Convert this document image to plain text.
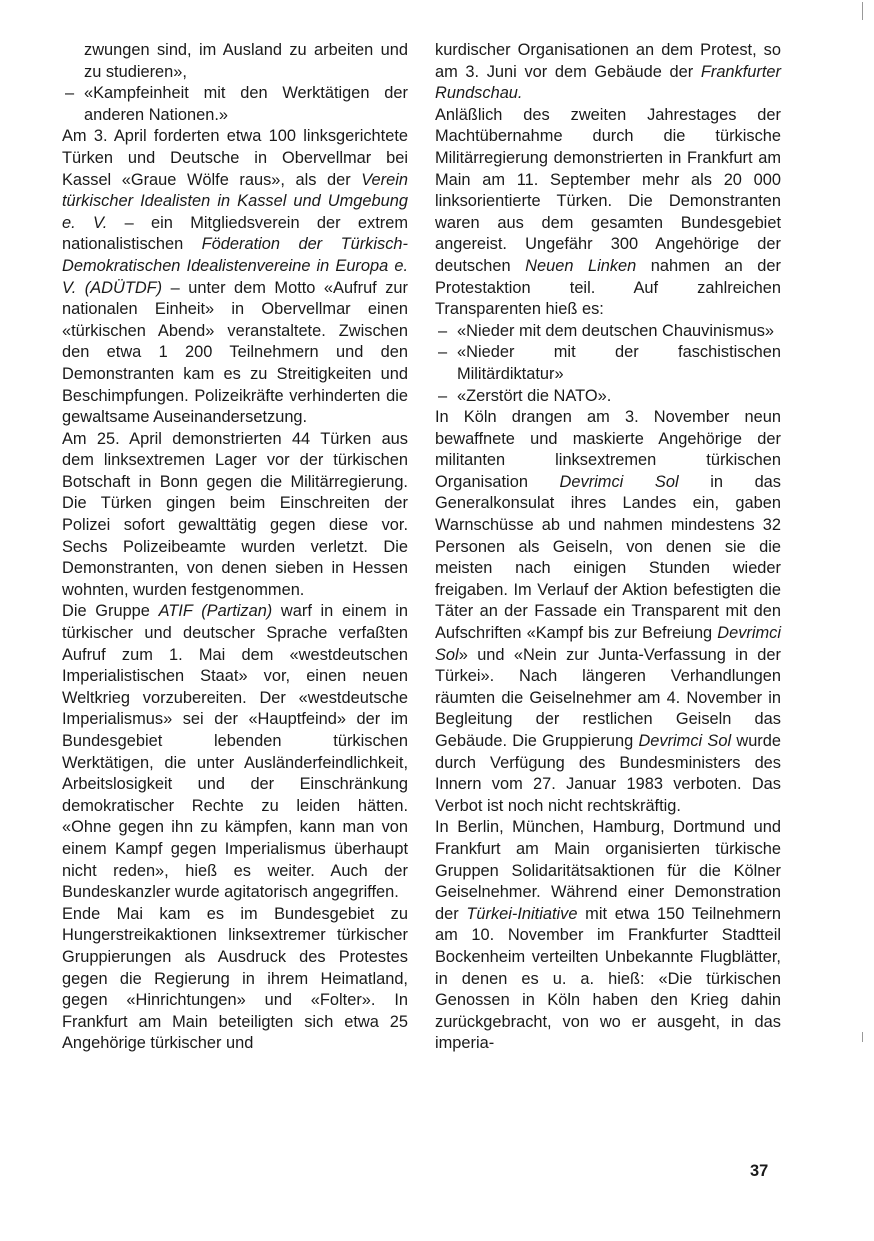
zwungen sind, im Ausland zu arbeiten und zu studieren»,

– «Kampfeinheit mit den Werktätigen der anderen Nationen.»

Am 3. April forderten etwa 100 linksgerichtete Türken und Deutsche in Obervellmar bei Kassel «Graue Wölfe raus», als der Verein türkischer Idealisten in Kassel und Umgebung e. V. – ein Mitgliedsverein der extrem nationalistischen Föderation der Türkisch-Demokratischen Idealistenvereine in Europa e. V. (ADÜTDF) – unter dem Motto «Aufruf zur nationalen Einheit» in Obervellmar einen «türkischen Abend» veranstaltete. Zwischen den etwa 1 200 Teilnehmern und den Demonstranten kam es zu Streitigkeiten und Beschimpfungen. Polizeikräfte verhinderten die gewaltsame Auseinandersetzung.

Am 25. April demonstrierten 44 Türken aus dem linksextremen Lager vor der türkischen Botschaft in Bonn gegen die Militärregierung. Die Türken gingen beim Einschreiten der Polizei sofort gewalttätig gegen diese vor. Sechs Polizeibeamte wurden verletzt. Die Demonstranten, von denen sieben in Hessen wohnten, wurden festgenommen.

Die Gruppe ATIF (Partizan) warf in einem in türkischer und deutscher Sprache verfaßten Aufruf zum 1. Mai dem «westdeutschen Imperialistischen Staat» vor, einen neuen Weltkrieg vorzubereiten. Der «westdeutsche Imperialismus» sei der «Hauptfeind» der im Bundesgebiet lebenden türkischen Werktätigen, die unter Ausländerfeindlichkeit, Arbeitslosigkeit und der Einschränkung demokratischer Rechte zu leiden hätten. «Ohne gegen ihn zu kämpfen, kann man von einem Kampf gegen Imperialismus überhaupt nicht reden», hieß es weiter. Auch der Bundeskanzler wurde agitatorisch angegriffen.

Ende Mai kam es im Bundesgebiet zu Hungerstreikaktionen linksextremer türkischer Gruppierungen als Ausdruck des Protestes gegen die Regierung in ihrem Heimatland, gegen «Hinrichtungen» und «Folter». In Frankfurt am Main beteiligten sich etwa 25 Angehörige türkischer und

kurdischer Organisationen an dem Protest, so am 3. Juni vor dem Gebäude der Frankfurter Rundschau.

Anläßlich des zweiten Jahrestages der Machtübernahme durch die türkische Militärregierung demonstrierten in Frankfurt am Main am 11. September mehr als 20 000 linksorientierte Türken. Die Demonstranten waren aus dem gesamten Bundesgebiet angereist. Ungefähr 300 Angehörige der deutschen Neuen Linken nahmen an der Protestaktion teil. Auf zahlreichen Transparenten hieß es:

– «Nieder mit dem deutschen Chauvinismus»
– «Nieder mit der faschistischen Militärdiktatur»
– «Zerstört die NATO».

In Köln drangen am 3. November neun bewaffnete und maskierte Angehörige der militanten linksextremen türkischen Organisation Devrimci Sol in das Generalkonsulat ihres Landes ein, gaben Warnschüsse ab und nahmen mindestens 32 Personen als Geiseln, von denen sie die meisten nach einigen Stunden wieder freigaben. Im Verlauf der Aktion befestigten die Täter an der Fassade ein Transparent mit den Aufschriften «Kampf bis zur Befreiung Devrimci Sol» und «Nein zur Junta-Verfassung in der Türkei». Nach längeren Verhandlungen räumten die Geiselnehmer am 4. November in Begleitung der restlichen Geiseln das Gebäude. Die Gruppierung Devrimci Sol wurde durch Verfügung des Bundesministers des Innern vom 27. Januar 1983 verboten. Das Verbot ist noch nicht rechtskräftig.

In Berlin, München, Hamburg, Dortmund und Frankfurt am Main organisierten türkische Gruppen Solidaritätsaktionen für die Kölner Geiselnehmer. Während einer Demonstration der Türkei-Initiative mit etwa 150 Teilnehmern am 10. November im Frankfurter Stadtteil Bockenheim verteilten Unbekannte Flugblätter, in denen es u. a. hieß: «Die türkischen Genossen in Köln haben den Krieg dahin zurückgebracht, von wo er ausgeht, in das imperia-

37
